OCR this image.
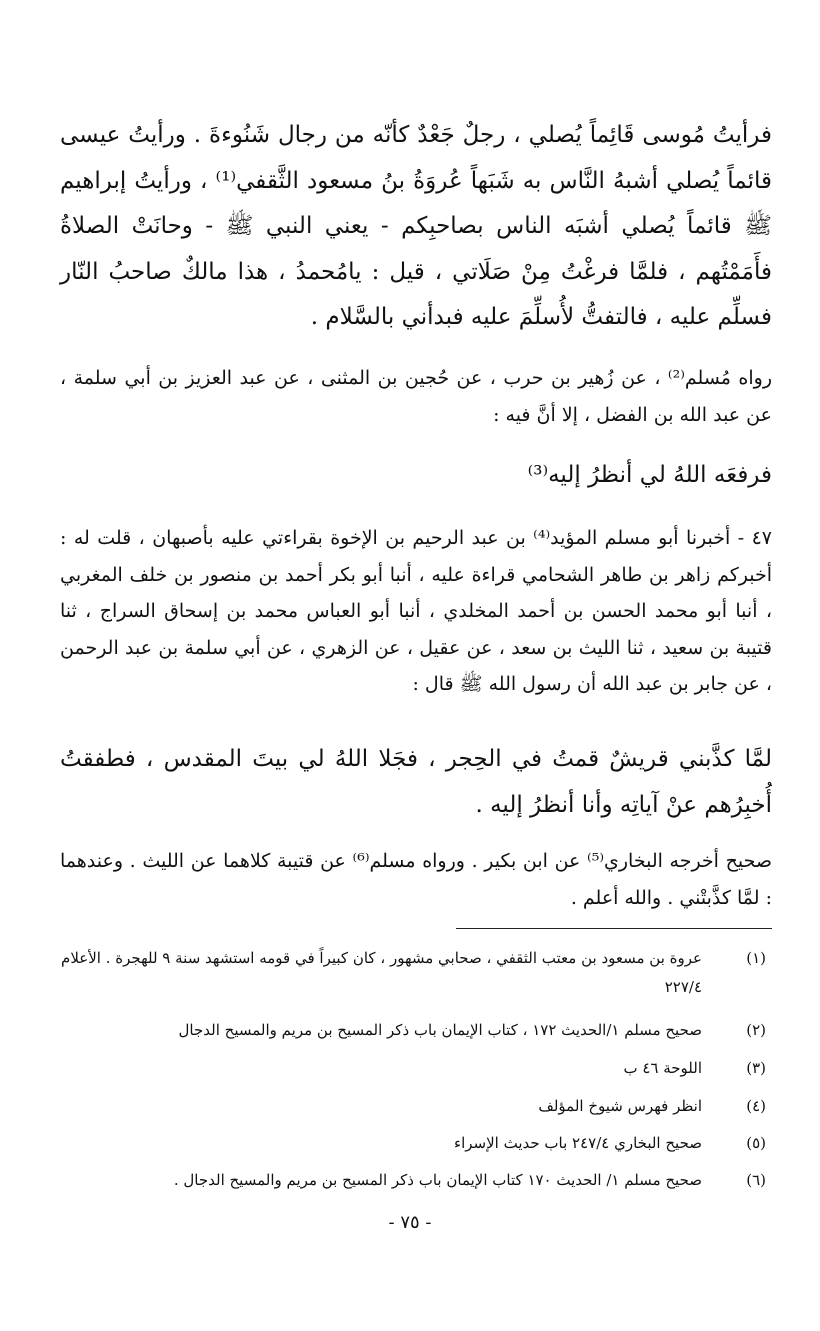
فرأيتُ مُوسى قَائِماً يُصلي ، رجلٌ جَعْدٌ كأنّه من رجال شَنُوءةَ . ورأيتُ عيسى قائماً يُصلي أشبهُ النَّاس به شَبَهاً عُروَةُ بنُ مسعود الثَّقفي⁽¹⁾ ، ورأيتُ إبراهيم ﷺ قائماً يُصلي أشبَه الناس بصاحبِكم - يعني النبي ﷺ - وحانَتْ الصلاةُ فأَمَمْتُهم ، فلمَّا فرغْتُ مِنْ صَلَاتي ، قيل : يامُحمدُ ، هذا مالكٌ صاحبُ النّار فسلِّم عليه ، فالتفتُّ لأُسلِّمَ عليه فبدأني بالسَّلام .

رواه مُسلم⁽²⁾ ، عن زُهير بن حرب ، عن حُجين بن المثنى ، عن عبد العزيز بن أبي سلمة ، عن عبد الله بن الفضل ، إلا أنَّ فيه :

فرفعَه اللهُ لي أنظرُ إليه⁽³⁾

٤٧ - أخبرنا أبو مسلم المؤيد⁽⁴⁾ بن عبد الرحيم بن الإخوة بقراءتي عليه بأصبهان ، قلت له : أخبركم زاهر بن طاهر الشحامي قراءة عليه ، أنبا أبو بكر أحمد بن منصور بن خلف المغربي ، أنبا أبو محمد الحسن بن أحمد المخلدي ، أنبا أبو العباس محمد بن إسحاق السراج ، ثنا قتيبة بن سعيد ، ثنا الليث بن سعد ، عن عقيل ، عن الزهري ، عن أبي سلمة بن عبد الرحمن ، عن جابر بن عبد الله أن رسول الله ﷺ قال :

لمَّا كذَّبني قريشٌ قمتُ في الحِجر ، فجَلا اللهُ لي بيتَ المقدس ، فطفقتُ أُخبِرُهم عنْ آياتِه وأنا أنظرُ إليه .

صحيح أخرجه البخاري⁽⁵⁾ عن ابن بكير . ورواه مسلم⁽⁶⁾ عن قتيبة كلاهما عن الليث . وعندهما : لمَّا كذَّبتْني . والله أعلم .

(١)
عروة بن مسعود بن معتب الثقفي ، صحابي مشهور ، كان كبيراً في قومه استشهد سنة ٩ للهجرة . الأعلام ٢٢٧/٤
(٢)
صحيح مسلم ١/الحديث ١٧٢ ، كتاب الإيمان باب ذكر المسيح بن مريم والمسيح الدجال
(٣)
اللوحة ٤٦ ب
(٤)
انظر فهرس شيوخ المؤلف
(٥)
صحيح البخاري ٢٤٧/٤ باب حديث الإسراء
(٦)
صحيح مسلم ١/ الحديث ١٧٠ كتاب الإيمان باب ذكر المسيح بن مريم والمسيح الدجال .
- ٧٥ -
